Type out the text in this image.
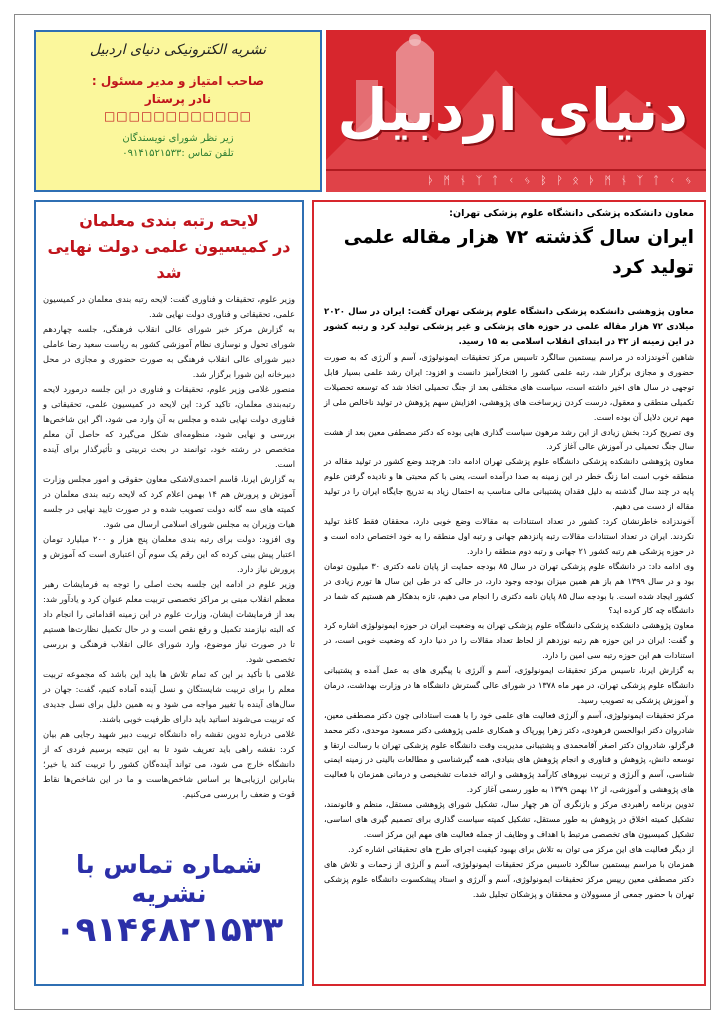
دنیای اردبیل
ᚦ ᛗ ᚾ ᛉ ᛏ ᚲ ᛃ ᛒ ᚹ ᛟ ᚦ ᛗ ᚾ ᛉ ᛏ ᚲ ᛃ
نشریه الکترونیکی دنیای اردبیل
صاحب امتیاز و مدیر مسئول :
نادر پرستار
□□□□□□□□□□□□
زیر نظر شورای نویسندگان
تلفن تماس :۰۹۱۴۱۵۲۱۵۳۳
لایحه رتبه بندی معلمان
در کمیسیون علمی دولت نهایی شد

وزیر علوم، تحقیقات و فناوری گفت: لایحه رتبه بندی معلمان در کمیسیون علمی، تحقیقاتی و فناوری دولت نهایی شد.

به گزارش مرکز خبر شورای عالی انقلاب فرهنگی، جلسه چهاردهم شورای تحول و نوسازی نظام آموزشی کشور به ریاست سعید رضا عاملی دبیر شورای عالی انقلاب فرهنگی به صورت حضوری و مجازی در محل دبیرخانه این شورا برگزار شد.

منصور غلامی وزیر علوم، تحقیقات و فناوری در این جلسه درمورد لایحه رتبه‌بندی معلمان، تاکید کرد: این لایحه در کمیسیون علمی، تحقیقاتی و فناوری دولت نهایی شده و مجلس به آن وارد می شود، اگر این شاخص‌ها بررسی و نهایی شود، منظومه‌ای شکل می‌گیرد که حاصل آن معلم متخصص در رشته خود، توانمند در بحث تربیتی و تأثیرگذار برای آینده است.

به گزارش ایرنا، قاسم احمدی‌لاشکی معاون حقوقی و امور مجلس وزارت آموزش و پرورش هم ۱۴ بهمن اعلام کرد که لایحه رتبه بندی معلمان در کمیته های سه گانه دولت تصویب شده و در صورت تایید نهایی در جلسه هیات وزیران به مجلس شورای اسلامی ارسال می شود.

وی افزود: دولت برای رتبه بندی معلمان پنج هزار و ۲۰۰ میلیارد تومان اعتبار پیش بینی کرده که این رقم یک سوم آن اعتباری است که آموزش و پرورش نیاز دارد.

وزیر علوم در ادامه این جلسه بحث اصلی را توجه به فرمایشات رهبر معظم انقلاب مبنی بر مراکز تخصصی تربیت معلم عنوان کرد و یادآور شد: بعد از فرمایشات ایشان، وزارت علوم در این زمینه اقداماتی را انجام داد که البته نیازمند تکمیل و رفع نقص است و در حال تکمیل نظارت‌ها هستیم تا در صورت نیاز موضوع، وارد شورای عالی انقلاب فرهنگی و بررسی تخصصی شود.

غلامی با تأکید بر این که تمام تلاش ها باید این باشد که مجموعه تربیت معلم را برای تربیت شایستگان و نسل آینده آماده کنیم، گفت: جهان در سال‌های آینده با تغییر مواجه می شود و به همین دلیل برای نسل جدیدی که تربیت می‌شوند اساتید باید دارای ظرفیت خوبی باشند.

غلامی درباره تدوین نقشه راه دانشگاه تربیت دبیر شهید رجایی هم بیان کرد: نقشه راهی باید تعریف شود تا به این نتیجه برسیم فردی که از دانشگاه خارج می شود، می تواند آینده‌گان کشور را تربیت کند یا خیر؛ بنابراین ارزیابی‌ها بر اساس شاخص‌هاست و ما در این شاخص‌ها نقاط قوت و ضعف را بررسی می‌کنیم.

شماره تماس با نشریه
۰۹۱۴۶۸۲۱۵۳۳
معاون دانشکده پزشکی دانشگاه علوم پزشکی تهران:
ایران سال گذشته ۷۲ هزار مقاله علمی تولید کرد
معاون پژوهشی دانشکده پزشکی دانشگاه علوم پزشکی تهران گفت: ایران در سال ۲۰۲۰ میلادی ۷۲ هزار مقاله علمی در حوزه های پزشکی و غیر پزشکی تولید کرد و رتبه کشور در این زمینه از ۴۲ در ابتدای انقلاب اسلامی به ۱۵ رسید.

شاهین آخوندزاده در مراسم بیستمین سالگرد تاسیس مرکز تحقیقات ایمونولوژی، آسم و آلرژی که به صورت حضوری و مجازی برگزار شد، رتبه علمی کشور را افتخارآمیز دانست و افزود: ایران رشد علمی بسیار قابل توجهی در سال های اخیر داشته است، سیاست های مختلفی بعد از جنگ تحمیلی اتخاذ شد که توسعه تحصیلات تکمیلی منطقی و معقول، درست کردن زیرساخت های پژوهشی، افزایش سهم پژوهش در تولید ناخالص ملی از مهم ترین دلایل آن بوده است.

وی تصریح کرد: بخش زیادی از این رشد مرهون سیاست گذاری هایی بوده که دکتر مصطفی معین بعد از هشت سال جنگ تحمیلی در آموزش عالی آغاز کرد.

معاون پژوهشی دانشکده پزشکی دانشگاه علوم پزشکی تهران ادامه داد: هرچند وضع کشور در تولید مقاله در منطقه خوب است اما زنگ خطر در این زمینه به صدا درآمده است، یعنی با کم محبتی ها و نادیده گرفتن علوم پایه در چند سال گذشته به دلیل فقدان پشتیبانی مالی مناسب به احتمال زیاد به تدریج جایگاه ایران را در تولید مقاله از دست می دهیم.

آخوندزاده خاطرنشان کرد: کشور در تعداد استنادات به مقالات وضع خوبی دارد، محققان فقط کاغذ تولید نکردند. ایران در تعداد استنادات مقالات رتبه پانزدهم جهانی و رتبه اول منطقه را به خود اختصاص داده است و در حوزه پزشکی هم رتبه کشور ۲۱ جهانی و رتبه دوم منطقه را دارد.

وی ادامه داد: در دانشگاه علوم پزشکی تهران در سال ۸۵ بودجه حمایت از پایان نامه دکتری ۳۰ میلیون تومان بود و در سال ۱۳۹۹ هم باز هم همین میزان بودجه وجود دارد، در حالی که در طی این سال ها تورم زیادی در کشور ایجاد شده است. با بودجه سال ۸۵ پایان نامه دکتری را انجام می دهیم، تازه بدهکار هم هستیم که شما در دانشگاه چه کار کرده اید؟

معاون پژوهشی دانشکده پزشکی دانشگاه علوم پزشکی تهران به وضعیت ایران در حوزه ایمونولوژی اشاره کرد و گفت: ایران در این حوزه هم رتبه نوزدهم از لحاظ تعداد مقالات را در دنیا دارد که وضعیت خوبی است، در استنادات هم این حوزه رتبه سی امین را دارد.

به گزارش ایرنا، تاسیس مرکز تحقیقات ایمونولوژی، آسم و آلرژی با پیگیری های به عمل آمده و پشتیبانی دانشگاه علوم پزشکی تهران، در مهر ماه ۱۳۷۸ در شورای عالی گسترش دانشگاه ها در وزارت بهداشت، درمان و آموزش پزشکی به تصویب رسید.

مرکز تحقیقات ایمونولوژی، آسم و آلرژی فعالیت های علمی خود را با همت استادانی چون دکتر مصطفی معین، شادروان دکتر ابوالحسن فرهودی، دکتر زهرا پورپاک و همکاری علمی پژوهشی دکتر مسعود موحدی، دکتر محمد قرگزلو، شادروان دکتر اصغر آقامحمدی و پشتیبانی مدیریت وقت دانشگاه علوم پزشکی تهران با رسالت ارتقا و توسعه دانش، پژوهش و فناوری و انجام پژوهش های بنیادی، همه گیرشناسی و مطالعات بالینی در زمینه ایمنی شناسی، آسم و آلرژی و تربیت نیروهای کارآمد پژوهشی و ارائه خدمات تشخیصی و درمانی همزمان با فعالیت های پژوهشی و آموزشی، از ۱۲ بهمن ۱۳۷۹ به طور رسمی آغاز کرد.

تدوین برنامه راهبردی مرکز و بازنگری آن هر چهار سال، تشکیل شورای پژوهشی مستقل، منظم و قانونمند، تشکیل کمیته اخلاق در پژوهش به طور مستقل، تشکیل کمیته سیاست گذاری برای تصمیم گیری های اساسی، تشکیل کمیسیون های تخصصی مرتبط با اهداف و وظایف از جمله فعالیت های مهم این مرکز است.

از دیگر فعالیت های این مرکز می توان به تلاش برای بهبود کیفیت اجرای طرح های تحقیقاتی اشاره کرد.

همزمان با مراسم بیستمین سالگرد تاسیس مرکز تحقیقات ایمونولوژی، آسم و آلرژی از زحمات و تلاش های دکتر مصطفی معین رییس مرکز تحقیقات ایمونولوژی، آسم و آلرژی و استاد پیشکسوت دانشگاه علوم پزشکی تهران با حضور جمعی از مسوولان و محققان و پزشکان تجلیل شد.
